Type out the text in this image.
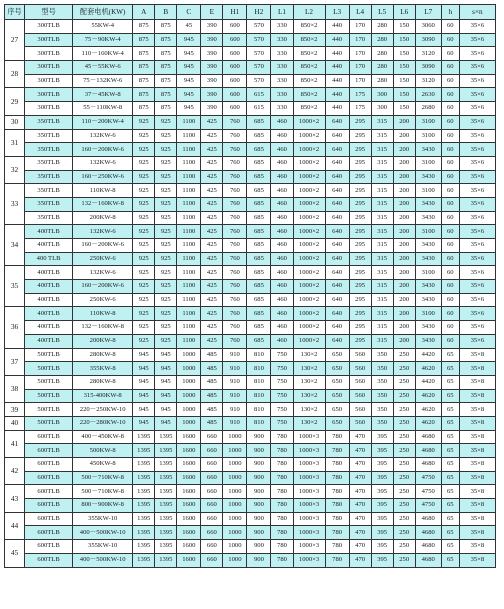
序号	型号	配套电机(KW)	A	B	C	E	H1	H2	L1	L2	L3	L4	L5	L6	L7	h	s×n
27	300TLB	55KW-4	875	875	45	390	600	570	330	850×2	440	170	280	150	3060	60	35×6
	300TLB	75－90KW-4	875	875	945	390	600	570	330	850×2	440	170	280	150	3090	60	35×6
	300TLB	110－160KW-4	875	875	945	390	600	570	330	850×2	440	170	280	150	3120	60	35×6
28	300TLB	45－55KW-6	875	875	945	390	600	570	330	850×2	440	170	280	150	3090	60	35×6
	300TLB	75－132KW-6	875	875	945	390	600	570	330	850×2	440	170	280	150	3120	60	35×6
29	300TLB	37－45KW-8	875	875	945	390	600	615	330	850×2	440	175	300	150	2630	60	35×6
	300TLB	55－110KW-8	875	875	945	390	600	615	330	850×2	440	175	300	150	2680	60	35×6
30	350TLB	110－200KW-4	925	925	1100	425	760	685	460	1000×2	640	295	315	200	3100	60	35×6
31	350TLB	132KW-6	925	925	1100	425	760	685	460	1000×2	640	295	315	200	3100	60	35×6
	350TLB	160－200KW-6	925	925	1100	425	760	685	460	1000×2	640	295	315	200	3430	60	35×6
32	350TLB	132KW-6	925	925	1100	425	760	685	460	1000×2	640	295	315	200	3100	60	35×6
	350TLB	160－250KW-6	925	925	1100	425	760	685	460	1000×2	640	295	315	200	3430	60	35×6
33	350TLB	110KW-8	925	925	1100	425	760	685	460	1000×2	640	295	315	200	3100	60	35×6
	350TLB	132－160KW-8	925	925	1100	425	760	685	460	1000×2	640	295	315	200	3430	60	35×6
	350TLB	200KW-8	925	925	1100	425	760	685	460	1000×2	640	295	315	200	3430	60	35×6
34	400TLB	132KW-6	925	925	1100	425	760	685	460	1000×2	640	295	315	200	3100	60	35×6
	400TLB	160－200KW-6	925	925	1100	425	760	685	460	1000×2	640	295	315	200	3430	60	35×6
	400 TLB	250KW-6	925	925	1100	425	760	685	460	1000×2	640	295	315	200	3430	60	35×6
35	400TLB	132KW-6	925	925	1100	425	760	685	460	1000×2	640	295	315	200	3100	60	35×6
	400TLB	160－200KW-6	925	925	1100	425	760	685	460	1000×2	640	295	315	200	3430	60	35×6
	400TLB	250KW-6	925	925	1100	425	760	685	460	1000×2	640	295	315	200	3430	60	35×6
36	400TLB	110KW-8	925	925	1100	425	760	685	460	1000×2	640	295	315	200	3100	60	35×6
	400TLB	132－160KW-8	925	925	1100	425	760	685	460	1000×2	640	295	315	200	3430	60	35×6
	400TLB	200KW-8	925	925	1100	425	760	685	460	1000×2	640	295	315	200	3430	60	35×6
37	500TLB	280KW-8	945	945	1000	485	910	810	750	130×2	650	560	350	250	4420	65	35×8
	500TLB	355KW-8	945	945	1000	485	910	810	750	130×2	650	560	350	250	4620	65	35×8
38	500TLB	280KW-8	945	945	1000	485	910	810	750	130×2	650	560	350	250	4420	65	35×8
	500TLB	315-400KW-8	945	945	1000	485	910	810	750	130×2	650	560	350	250	4620	65	35×8
39	500TLB	220－250KW-10	945	945	1000	485	910	810	750	130×2	650	560	350	250	4620	65	35×8
40	500TLB	220－280KW-10	945	945	1000	485	910	810	750	130×2	650	560	350	250	4620	65	35×8
41	600TLB	400－450KW-8	1395	1395	1600	660	1000	900	780	1000×3	780	470	395	250	4680	65	35×8
	600TLB	500KW-8	1395	1395	1600	660	1000	900	780	1000×3	780	470	395	250	4680	65	35×8
42	600TLB	450KW-8	1395	1395	1600	660	1000	900	780	1000×3	780	470	395	250	4680	65	35×8
	600TLB	500－710KW-8	1395	1395	1600	660	1000	900	780	1000×3	780	470	395	250	4750	65	35×8
43	600TLB	500－710KW-8	1395	1395	1600	660	1000	900	780	1000×3	780	470	395	250	4750	65	35×8
	600TLB	800－900KW-8	1395	1395	1600	660	1000	900	780	1000×3	780	470	395	250	4750	65	35×8
44	600TLB	355KW-10	1395	1395	1600	660	1000	900	780	1000×3	780	470	395	250	4680	65	35×8
	600TLB	400－500KW-10	1395	1395	1600	660	1000	900	780	1000×3	780	470	395	250	4680	65	35×8
45	600TLB	355KW-10	1395	1395	1600	660	1000	900	780	1000×3	780	470	395	250	4680	65	35×8
	600TLB	400－500KW-10	1395	1395	1600	660	1000	900	780	1000×3	780	470	395	250	4680	65	35×8
